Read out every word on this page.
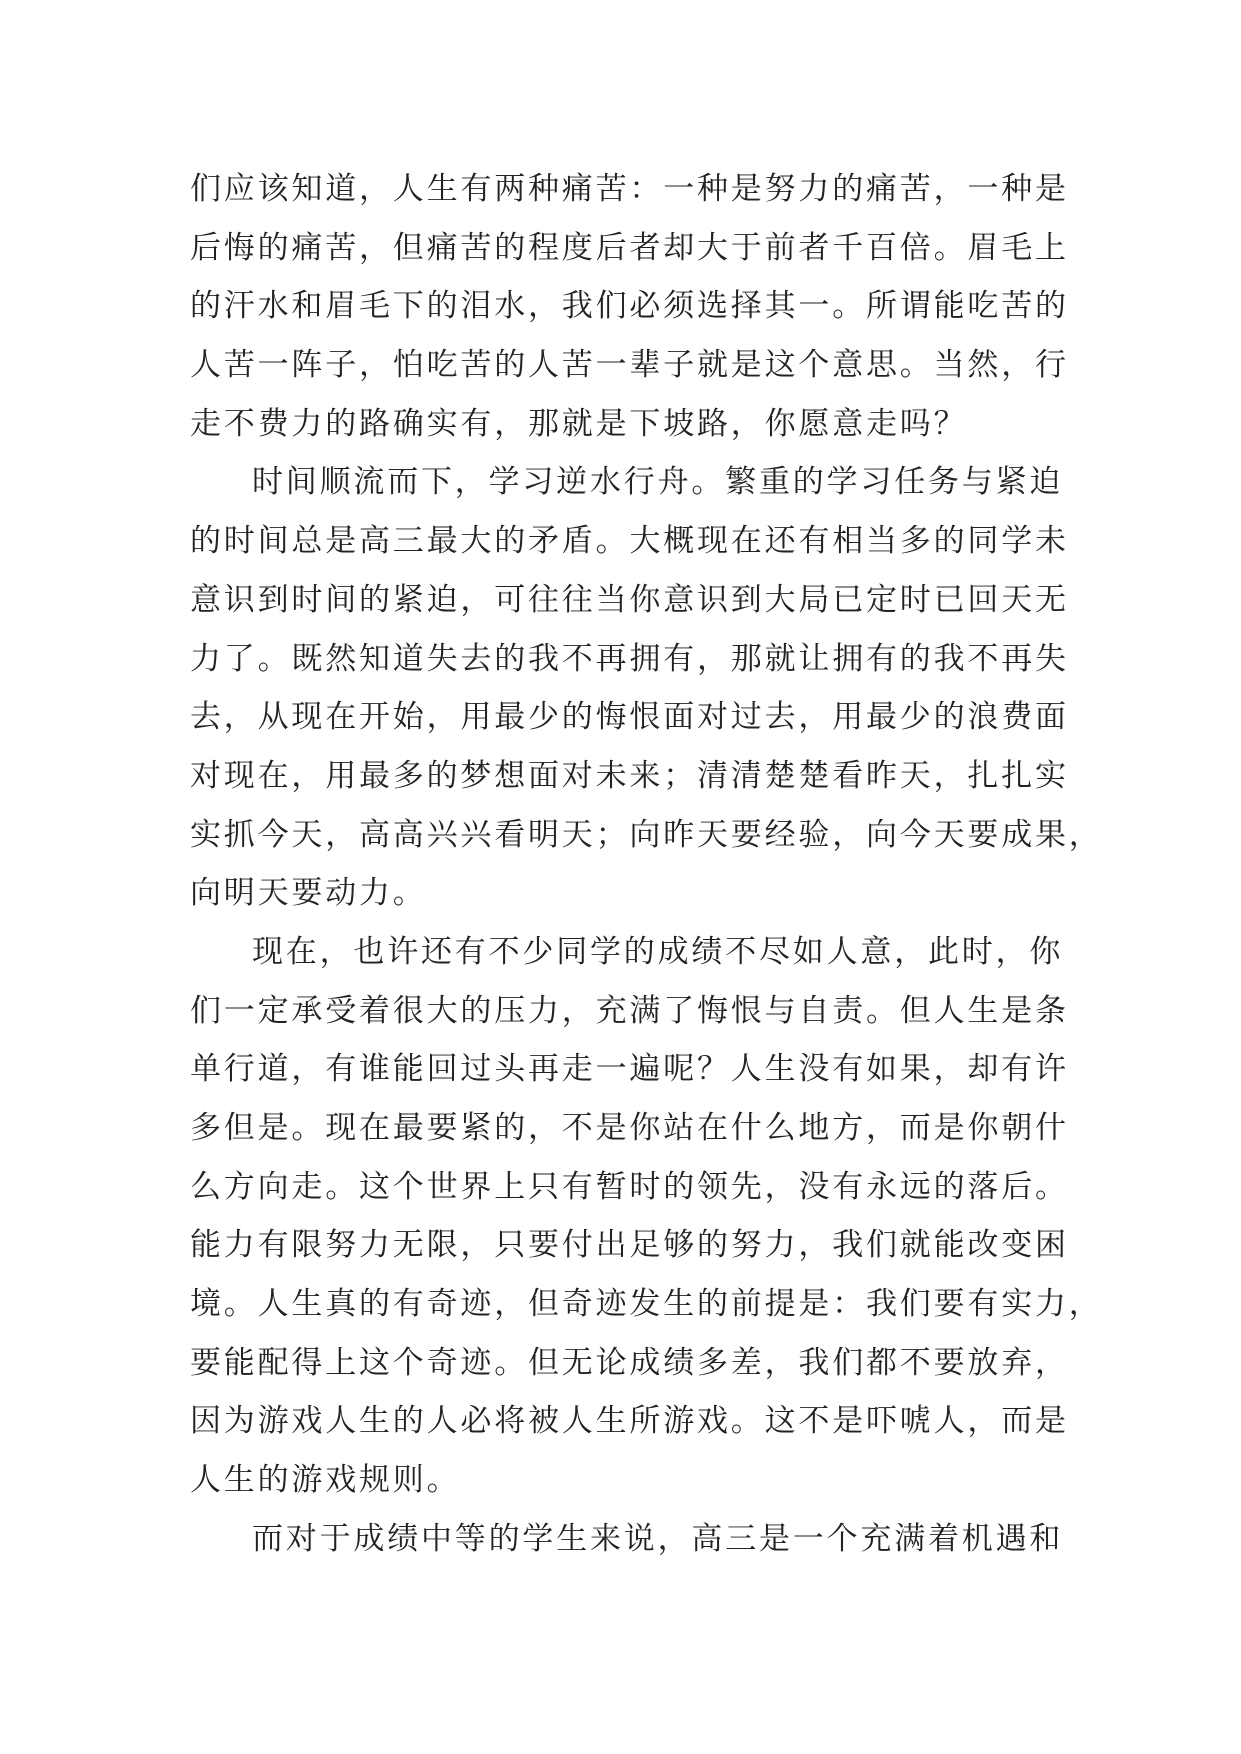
们应该知道，人生有两种痛苦：一种是努力的痛苦，一种是
后悔的痛苦，但痛苦的程度后者却大于前者千百倍。眉毛上
的汗水和眉毛下的泪水，我们必须选择其一。所谓能吃苦的
人苦一阵子，怕吃苦的人苦一辈子就是这个意思。当然，行
走不费力的路确实有，那就是下坡路，你愿意走吗？
时间顺流而下，学习逆水行舟。繁重的学习任务与紧迫
的时间总是高三最大的矛盾。大概现在还有相当多的同学未
意识到时间的紧迫，可往往当你意识到大局已定时已回天无
力了。既然知道失去的我不再拥有，那就让拥有的我不再失
去，从现在开始，用最少的悔恨面对过去，用最少的浪费面
对现在，用最多的梦想面对未来；清清楚楚看昨天，扎扎实
实抓今天，高高兴兴看明天；向昨天要经验，向今天要成果，
向明天要动力。
现在，也许还有不少同学的成绩不尽如人意，此时，你
们一定承受着很大的压力，充满了悔恨与自责。但人生是条
单行道，有谁能回过头再走一遍呢？人生没有如果，却有许
多但是。现在最要紧的，不是你站在什么地方，而是你朝什
么方向走。这个世界上只有暂时的领先，没有永远的落后。
能力有限努力无限，只要付出足够的努力，我们就能改变困
境。人生真的有奇迹，但奇迹发生的前提是：我们要有实力，
要能配得上这个奇迹。但无论成绩多差，我们都不要放弃，
因为游戏人生的人必将被人生所游戏。这不是吓唬人，而是
人生的游戏规则。
而对于成绩中等的学生来说，高三是一个充满着机遇和
